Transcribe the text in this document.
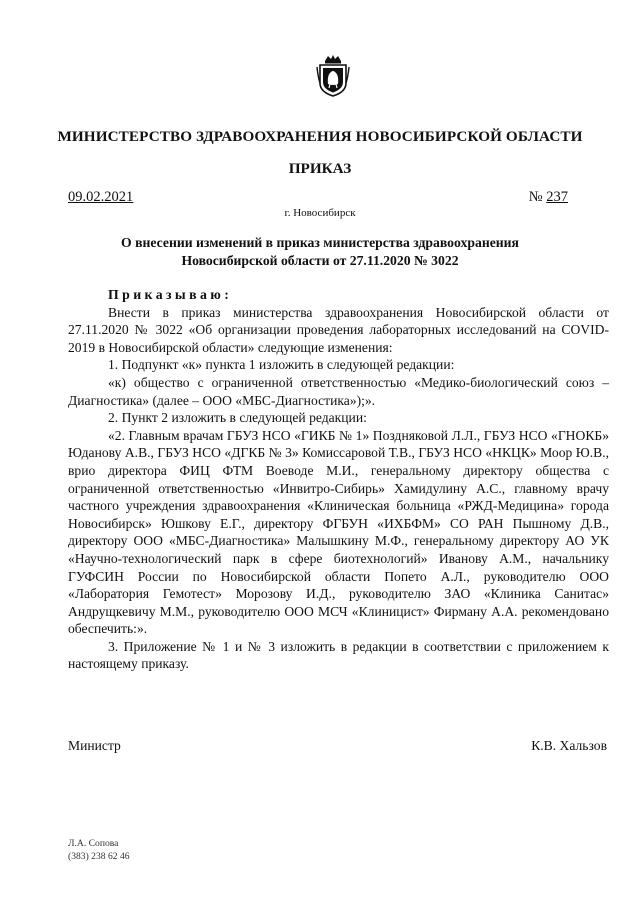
МИНИСТЕРСТВО ЗДРАВООХРАНЕНИЯ НОВОСИБИРСКОЙ ОБЛАСТИ
ПРИКАЗ
09.02.2021	№ 237
г. Новосибирск
О внесении изменений в приказ министерства здравоохранения
Новосибирской области от 27.11.2020 № 3022

Приказываю:

Внести в приказ министерства здравоохранения Новосибирской области от 27.11.2020 № 3022 «Об организации проведения лабораторных исследований на COVID-2019 в Новосибирской области» следующие изменения:

1. Подпункт «к» пункта 1 изложить в следующей редакции:

«к) общество с ограниченной ответственностью «Медико-биологический союз – Диагностика» (далее – ООО «МБС-Диагностика»);».

2. Пункт 2 изложить в следующей редакции:

«2. Главным врачам ГБУЗ НСО «ГИКБ № 1» Поздняковой Л.Л., ГБУЗ НСО «ГНОКБ» Юданову А.В., ГБУЗ НСО «ДГКБ № 3» Комиссаровой Т.В., ГБУЗ НСО «НКЦК» Моор Ю.В., врио директора ФИЦ ФТМ Воеводе М.И., генеральному директору общества с ограниченной ответственностью «Инвитро-Сибирь» Хамидулину А.С., главному врачу частного учреждения здравоохранения «Клиническая больница «РЖД-Медицина» города Новосибирск» Юшкову Е.Г., директору ФГБУН «ИХБФМ» СО РАН Пышному Д.В., директору ООО «МБС-Диагностика» Малышкину М.Ф., генеральному директору АО УК «Научно-технологический парк в сфере биотехнологий» Иванову А.М., начальнику ГУФСИН России по Новосибирской области Попето А.Л., руководителю ООО «Лаборатория Гемотест» Морозову И.Д., руководителю ЗАО «Клиника Санитас» Андрущкевичу М.М., руководителю ООО МСЧ «Клиницист» Фирману А.А. рекомендовано обеспечить:».

3. Приложение № 1 и № 3 изложить в редакции в соответствии с приложением к настоящему приказу.

Министр	К.В. Хальзов
Л.А. Сопова
(383) 238 62 46
